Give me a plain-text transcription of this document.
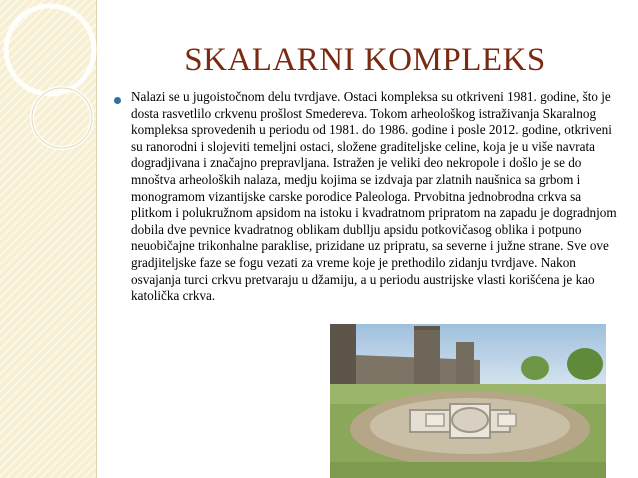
SKALARNI KOMPLEKS

Nalazi se u jugoistočnom delu tvrdjave. Ostaci kompleksa su otkriveni 1981. godine, što je dosta rasvetlilo crkvenu prošlost Smedereva. Tokom arheološkog istraživanja Skaralnog kompleksa sprovedenih u periodu od 1981. do 1986. godine i posle 2012. godine, otkriveni su ranorodni i slojeviti temeljni ostaci, složene graditeljske celine, koja je u više navrata dogradjivana i značajno prepravljana. Istražen je veliki deo nekropole i došlo je se do mnoštva arheoloških nalaza, medju kojima se izdvaja par zlatnih naušnica sa grbom i monogramom vizantijske carske porodice Paleologa. Prvobitna jednobrodna crkva sa plitkom i polukružnom apsidom na istoku i kvadratnom pripratom na zapadu je dogradnjom dobila dve pevnice kvadratnog oblikam dubllju apsidu potkovičasog oblika i potpuno neuobičajne trikonhalne paraklise, prizidane uz pripratu, sa severne i južne strane. Sve ove gradjiteljske faze se fogu vezati za vreme koje je prethodilo zidanju tvrdjave. Nakon osvajanja turci crkvu pretvaraju u džamiju, a u periodu austrijske vlasti korišćena je kao katolička crkva.
